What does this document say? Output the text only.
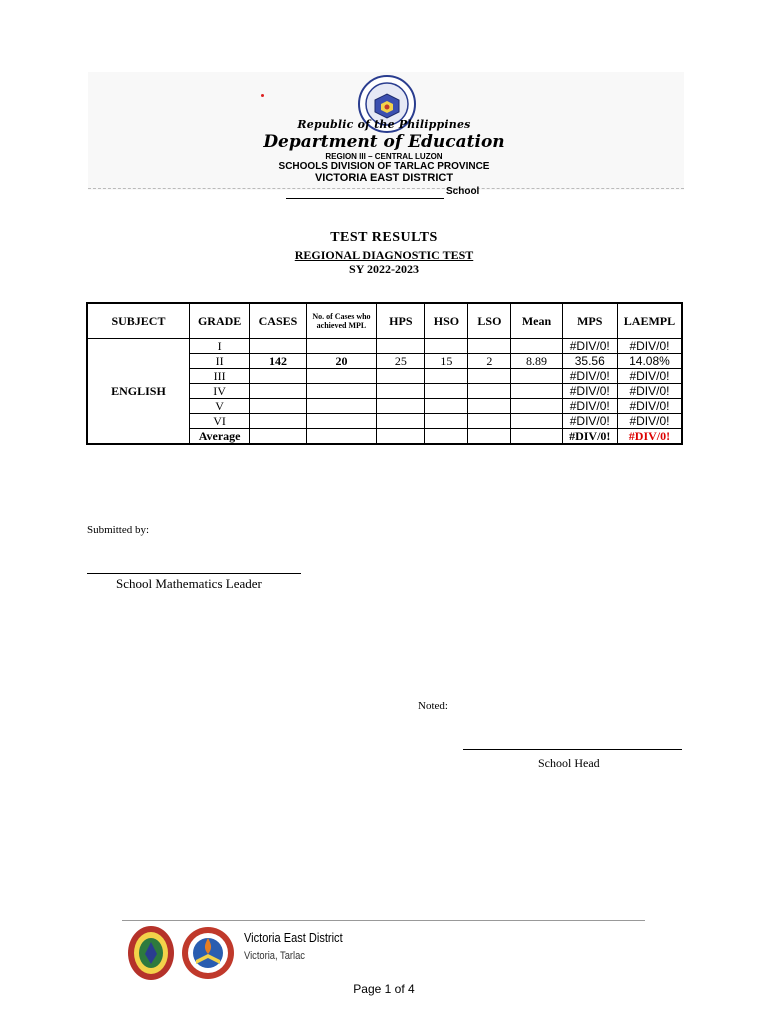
Republic of the Philippines
Department of Education
REGION III – CENTRAL LUZON
SCHOOLS DIVISION OF TARLAC PROVINCE
VICTORIA EAST DISTRICT
School
TEST RESULTS
REGIONAL DIAGNOSTIC TEST
SY 2022-2023
SUBJECT	GRADE	CASES	No. of Cases who achieved MPL	HPS	HSO	LSO	Mean	MPS	LAEMPL
ENGLISH	I							#DIV/0!	#DIV/0!
	II	142	20	25	15	2	8.89	35.56	14.08%
	III							#DIV/0!	#DIV/0!
	IV							#DIV/0!	#DIV/0!
	V							#DIV/0!	#DIV/0!
	VI							#DIV/0!	#DIV/0!
	Average							#DIV/0!	#DIV/0!
Submitted by:
School Mathematics Leader
Noted:
School Head
Victoria East District
Victoria, Tarlac
Page 1 of 4
